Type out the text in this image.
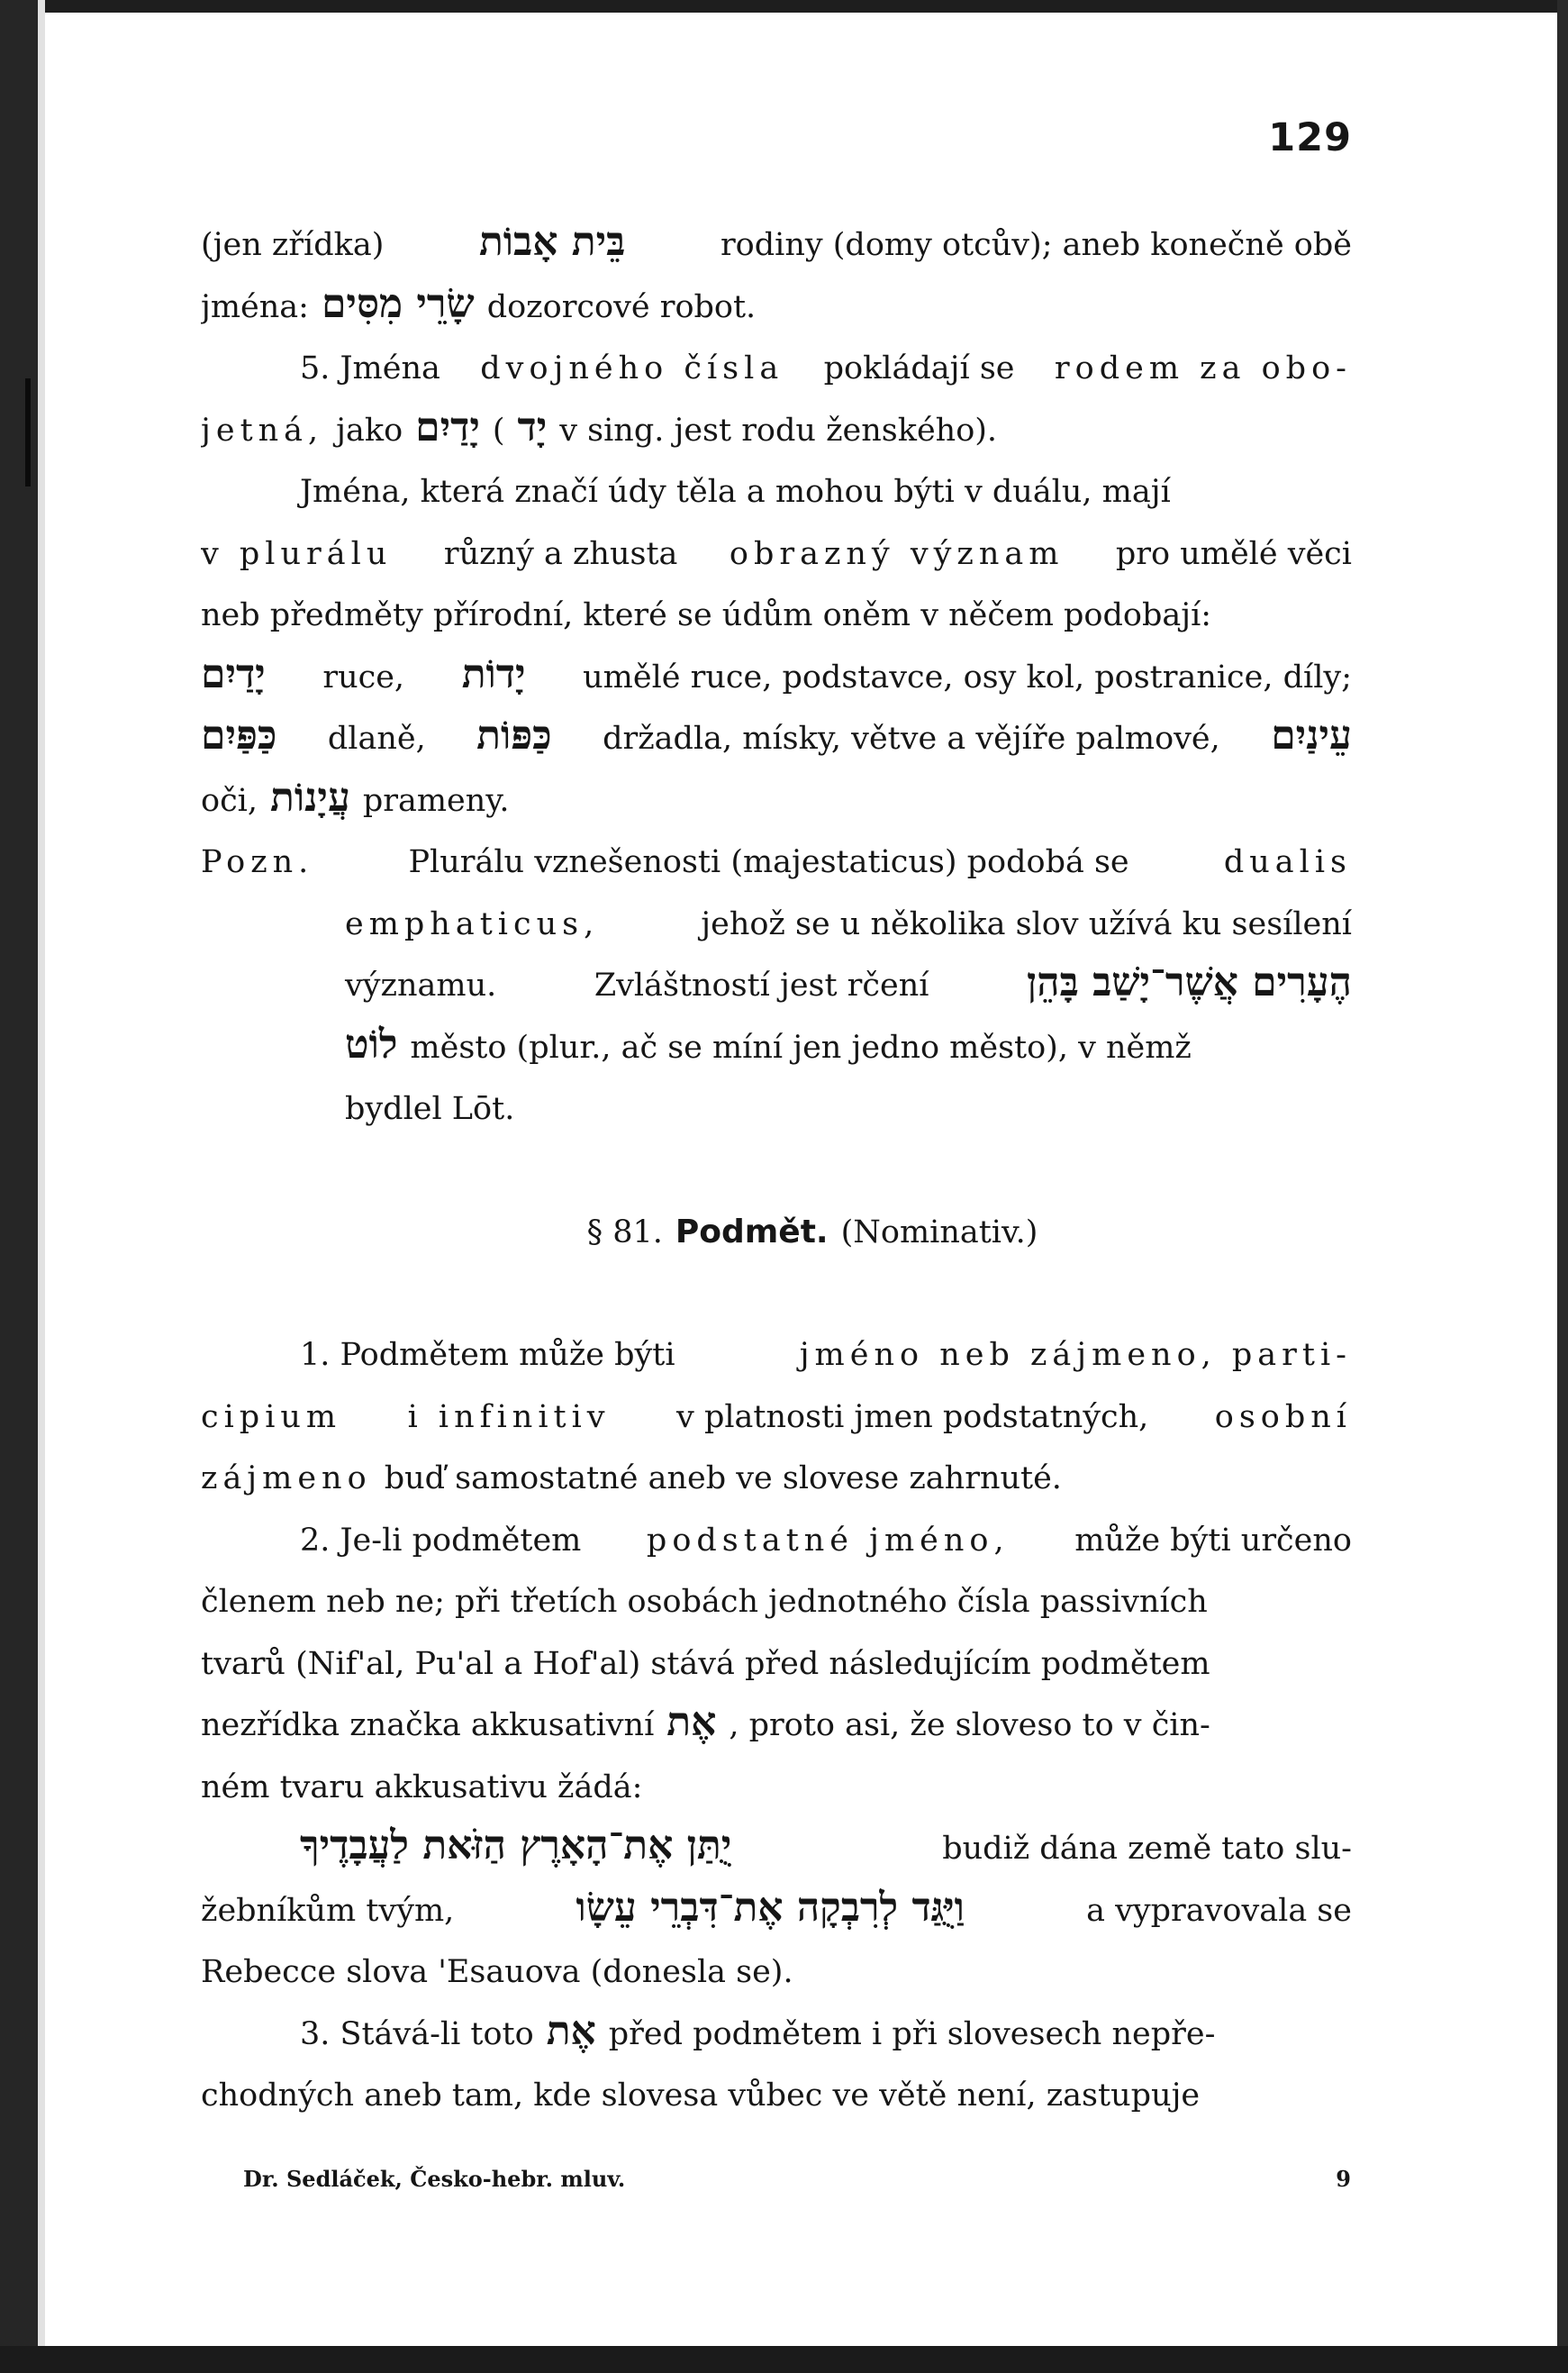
129
(jen zřídka) בֵּית אָבוֹת	rodiny (domy otcův); aneb konečně obě
jména: שָׂרֵי מִסִּים dozorcové robot.
5. Jména dvojného čísla pokládají se rodem za obo-
jetná, jako יָדַיִם ( יָד v sing. jest rodu ženského).
Jména, která značí údy těla a mohou býti v duálu, mají
v plurálu různý a zhusta obrazný význam pro umělé věci
neb předměty přírodní, které se údům oněm v něčem podobají:
יָדַיִם ruce, יָדוֹת umělé ruce, podstavce, osy kol, postranice, díly;
כַּפַּיִם dlaně, כַּפּוֹת držadla, mísky, větve a vějíře palmové, עֵינַיִם
oči, עֲיָנוֹת prameny.
Pozn.	Plurálu vznešenosti (majestaticus) podobá se	dualis
emphaticus,	jehož se u několika slov užívá ku sesílení
významu.	Zvláštností jest rčení הֶעָרִים אֲשֶׁר־יָשַׁב בָּהֵן
לוֹט město (plur., ač se míní jen jedno město), v němž
bydlel Lōt.
§ 81. Podmět. (Nominativ.)
1. Podmětem může býti	jméno neb zájmeno, parti-
cipium i infinitiv v platnosti jmen podstatných, osobní
zájmeno buď samostatné aneb ve slovese zahrnuté.
2. Je-li podmětem podstatné jméno, může býti určeno
členem neb ne; při třetích osobách jednotného čísla passivních
tvarů (Nif'al, Pu'al a Hof'al) stává před následujícím podmětem
nezřídka značka akkusativní אֶת , proto asi, že sloveso to v čin-
ném tvaru akkusativu žádá:
יֻתַּן אֶת־הָאָרֶץ הַזֹּאת לַעֲבָדֶיךָ	budiž dána země tato slu-
žebníkům tvým,	וַיֻּגַּד לְרִבְקָה אֶת־דִּבְרֵי עֵשָׂו	a vypravovala se
Rebecce slova 'Esauova (donesla se).
3. Stává-li toto אֶת před podmětem i při slovesech nepře-
chodných aneb tam, kde slovesa vůbec ve větě není, zastupuje
Dr. Sedláček, Česko-hebr. mluv.	9
